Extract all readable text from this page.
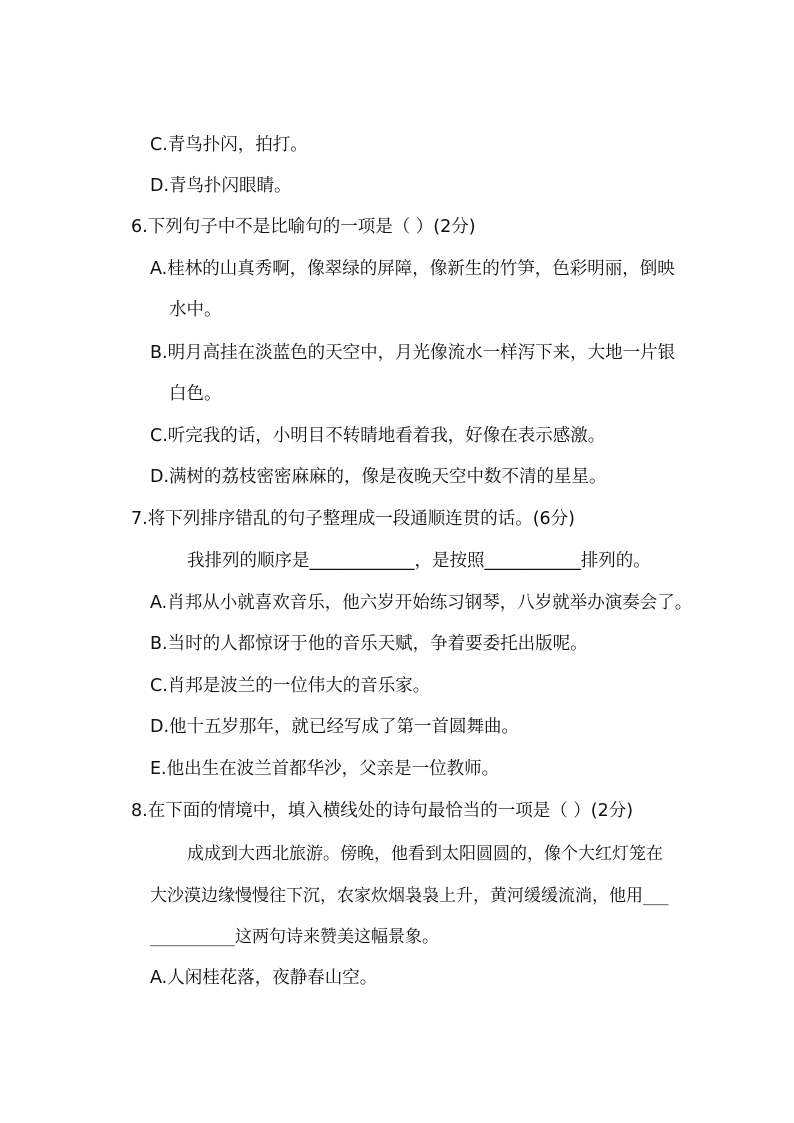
C.青鸟扑闪，拍打。
D.青鸟扑闪眼睛。
6.下列句子中不是比喻句的一项是（ ）(2分)
A.桂林的山真秀啊，像翠绿的屏障，像新生的竹笋，色彩明丽，倒映
水中。
B.明月高挂在淡蓝色的天空中，月光像流水一样泻下来，大地一片银
白色。
C.听完我的话，小明目不转睛地看着我，好像在表示感激。
D.满树的荔枝密密麻麻的，像是夜晚天空中数不清的星星。
7.将下列排序错乱的句子整理成一段通顺连贯的话。(6分)
我排列的顺序是____________，是按照___________排列的。
A.肖邦从小就喜欢音乐，他六岁开始练习钢琴，八岁就举办演奏会了。
B.当时的人都惊讶于他的音乐天赋，争着要委托出版呢。
C.肖邦是波兰的一位伟大的音乐家。
D.他十五岁那年，就已经写成了第一首圆舞曲。
E.他出生在波兰首都华沙，父亲是一位教师。
8.在下面的情境中，填入横线处的诗句最恰当的一项是（ ）(2分)
成成到大西北旅游。傍晚，他看到太阳圆圆的，像个大红灯笼在
大沙漠边缘慢慢往下沉，农家炊烟袅袅上升，黄河缓缓流淌，他用___
__________这两句诗来赞美这幅景象。
A.人闲桂花落，夜静春山空。
